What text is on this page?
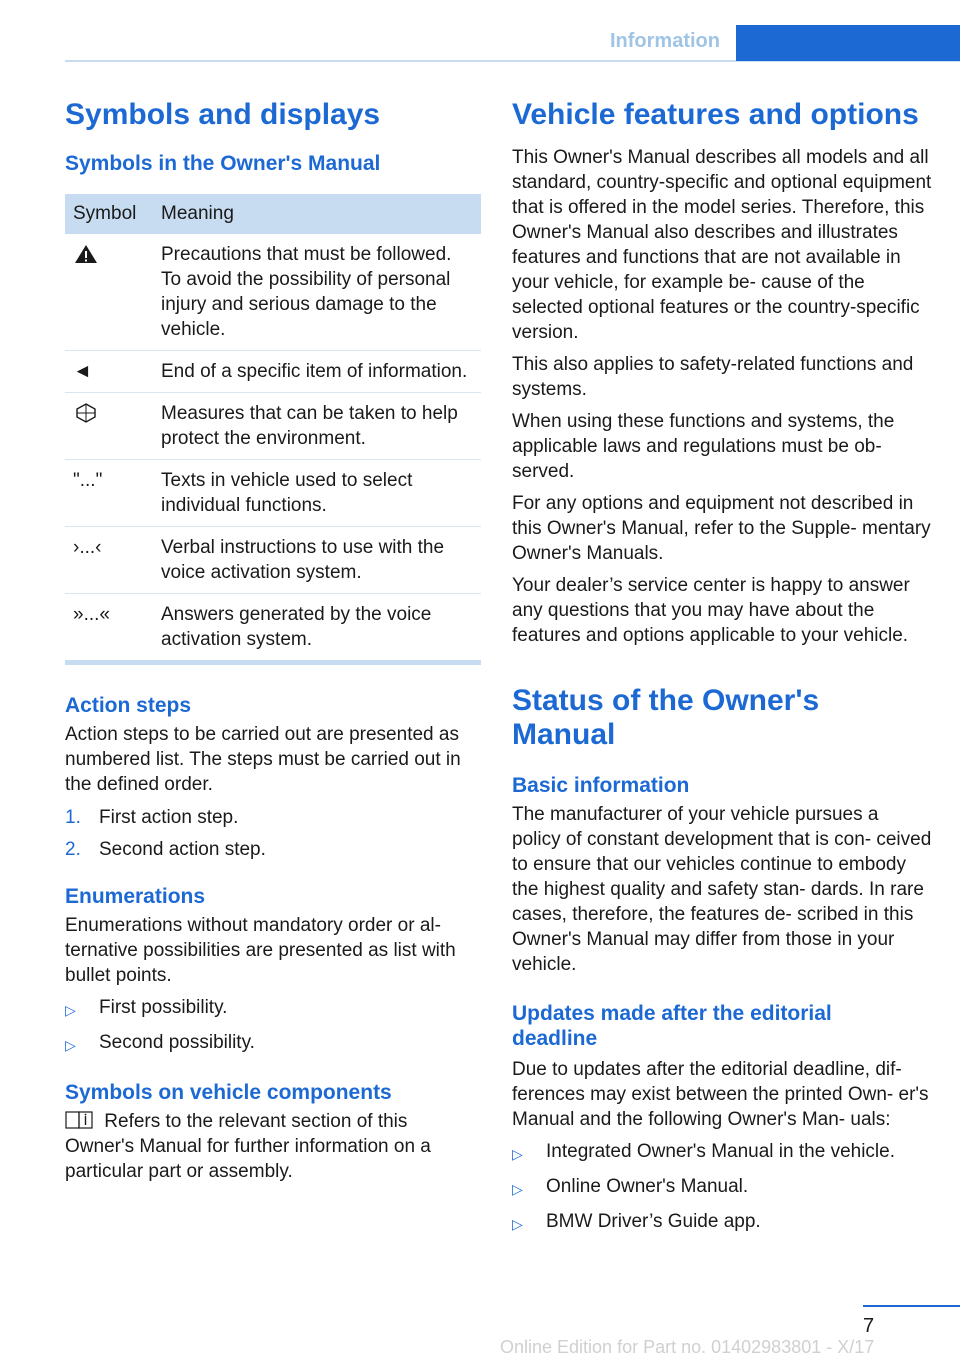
Information
Symbols and displays
Symbols in the Owner's Manual
Symbol	Meaning
	Precautions that must be followed. To avoid the possibility of personal injury and serious damage to the vehicle.
◄	End of a specific item of information.
	Measures that can be taken to help protect the environment.
"..."	Texts in vehicle used to select individual functions.
›...‹	Verbal instructions to use with the voice activation system.
»...«	Answers generated by the voice activation system.
Action steps

Action steps to be carried out are presented as numbered list. The steps must be carried out in the defined order.

1. First action step.
2. Second action step.
Enumerations

Enumerations without mandatory order or al‐ ternative possibilities are presented as list with bullet points.

▷	First possibility.
▷	Second possibility.
Symbols on vehicle components

Refers to the relevant section of this Owner's Manual for further information on a particular part or assembly.

Vehicle features and options

This Owner's Manual describes all models and all standard, country-specific and optional equipment that is offered in the model series. Therefore, this Owner's Manual also describes and illustrates features and functions that are not available in your vehicle, for example be‐ cause of the selected optional features or the country-specific version.

This also applies to safety-related functions and systems.

When using these functions and systems, the applicable laws and regulations must be ob‐ served.

For any options and equipment not described in this Owner's Manual, refer to the Supple‐ mentary Owner's Manuals.

Your dealer’s service center is happy to answer any questions that you may have about the features and options applicable to your vehicle.

Status of the Owner's Manual
Basic information

The manufacturer of your vehicle pursues a policy of constant development that is con‐ ceived to ensure that our vehicles continue to embody the highest quality and safety stan‐ dards. In rare cases, therefore, the features de‐ scribed in this Owner's Manual may differ from those in your vehicle.

Updates made after the editorial deadline

Due to updates after the editorial deadline, dif‐ ferences may exist between the printed Own‐ er's Manual and the following Owner's Man‐ uals:

▷	Integrated Owner's Manual in the vehicle.
▷	Online Owner's Manual.
▷	BMW Driver’s Guide app.
7
Online Edition for Part no. 01402983801 - X/17
